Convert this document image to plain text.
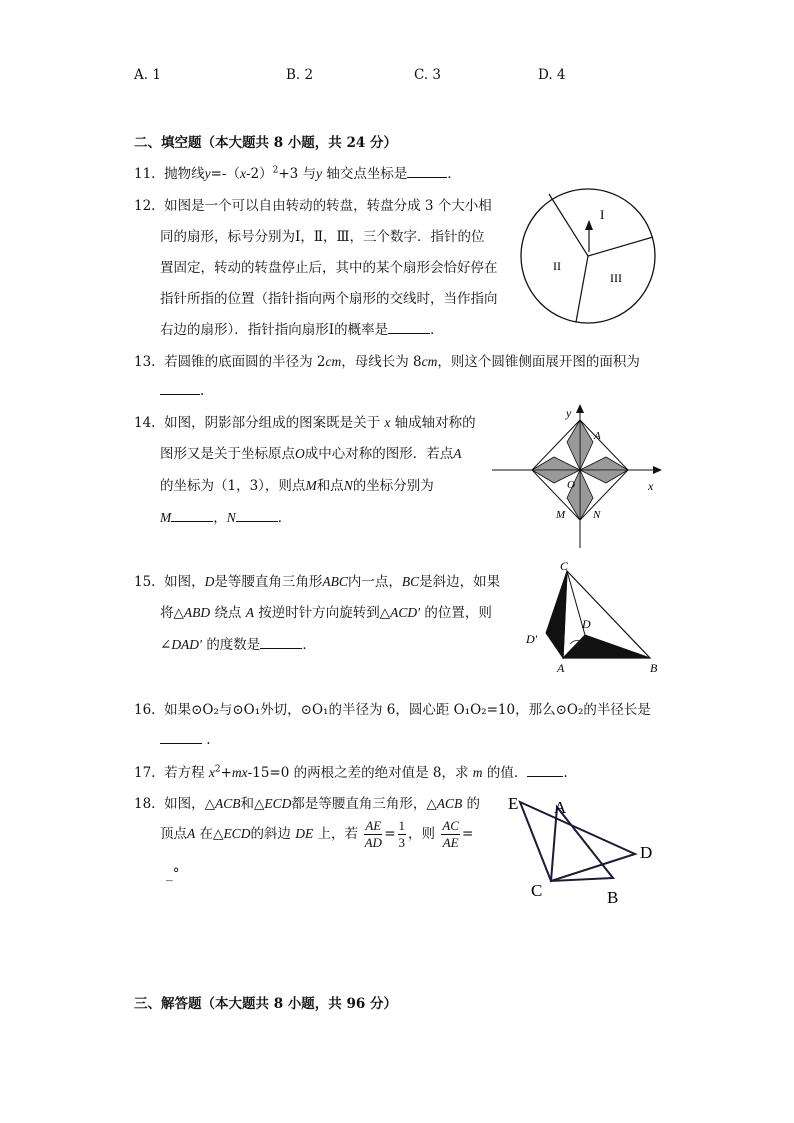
A. 1	B. 2	C. 3	D. 4
二、填空题（本大题共 8 小题，共 24 分）
11. 抛物线$y=-(x-2)^2+3$ 与y 轴交点坐标是	．
12. 如图是一个可以自由转动的转盘，转盘分成 3 个大小相
同的扇形，标号分别为Ⅰ，Ⅱ，Ⅲ，三个数字．指针的位
置固定，转动的转盘停止后，其中的某个扇形会恰好停在
指针所指的位置（指针指向两个扇形的交线时，当作指向
右边的扇形）．指针指向扇形Ⅰ的概率是	．
I
II
III
13. 若圆锥的底面圆的半径为 2cm，母线长为 8cm，则这个圆锥侧面展开图的面积为
.
14. 如图，阴影部分组成的图案既是关于 x 轴成轴对称的
图形又是关于坐标原点O成中心对称的图形．若点A
的坐标为（1，3），则点M和点N的坐标分别为
M	，N	．
y
x
A
O
M	N
15. 如图，D是等腰直角三角形ABC内一点，BC是斜边，如果
将△ABD 绕点 A 按逆时针方向旋转到△ACD′ 的位置，则
∠DAD′ 的度数是	．
C
D
D′
A	B
16. 如果⊙O₂与⊙O₁外切，⊙O₁的半径为 6，圆心距 O₁O₂=10，那么⊙O₂的半径长是
.
17. 若方程 $x^2+mx-15=0$ 的两根之差的绝对值是 8，求 m 的值．	.
18. 如图，△ACB和△ECD都是等腰直角三角形，△ACB 的
顶点A 在△ECD的斜边 DE 上，若 $\frac{AE}{AD} = \frac{1}{3}$ ，则 $\frac{AC}{AE}$ =
_°
E A
D
C	B
三、解答题（本大题共 8 小题，共 96 分）
